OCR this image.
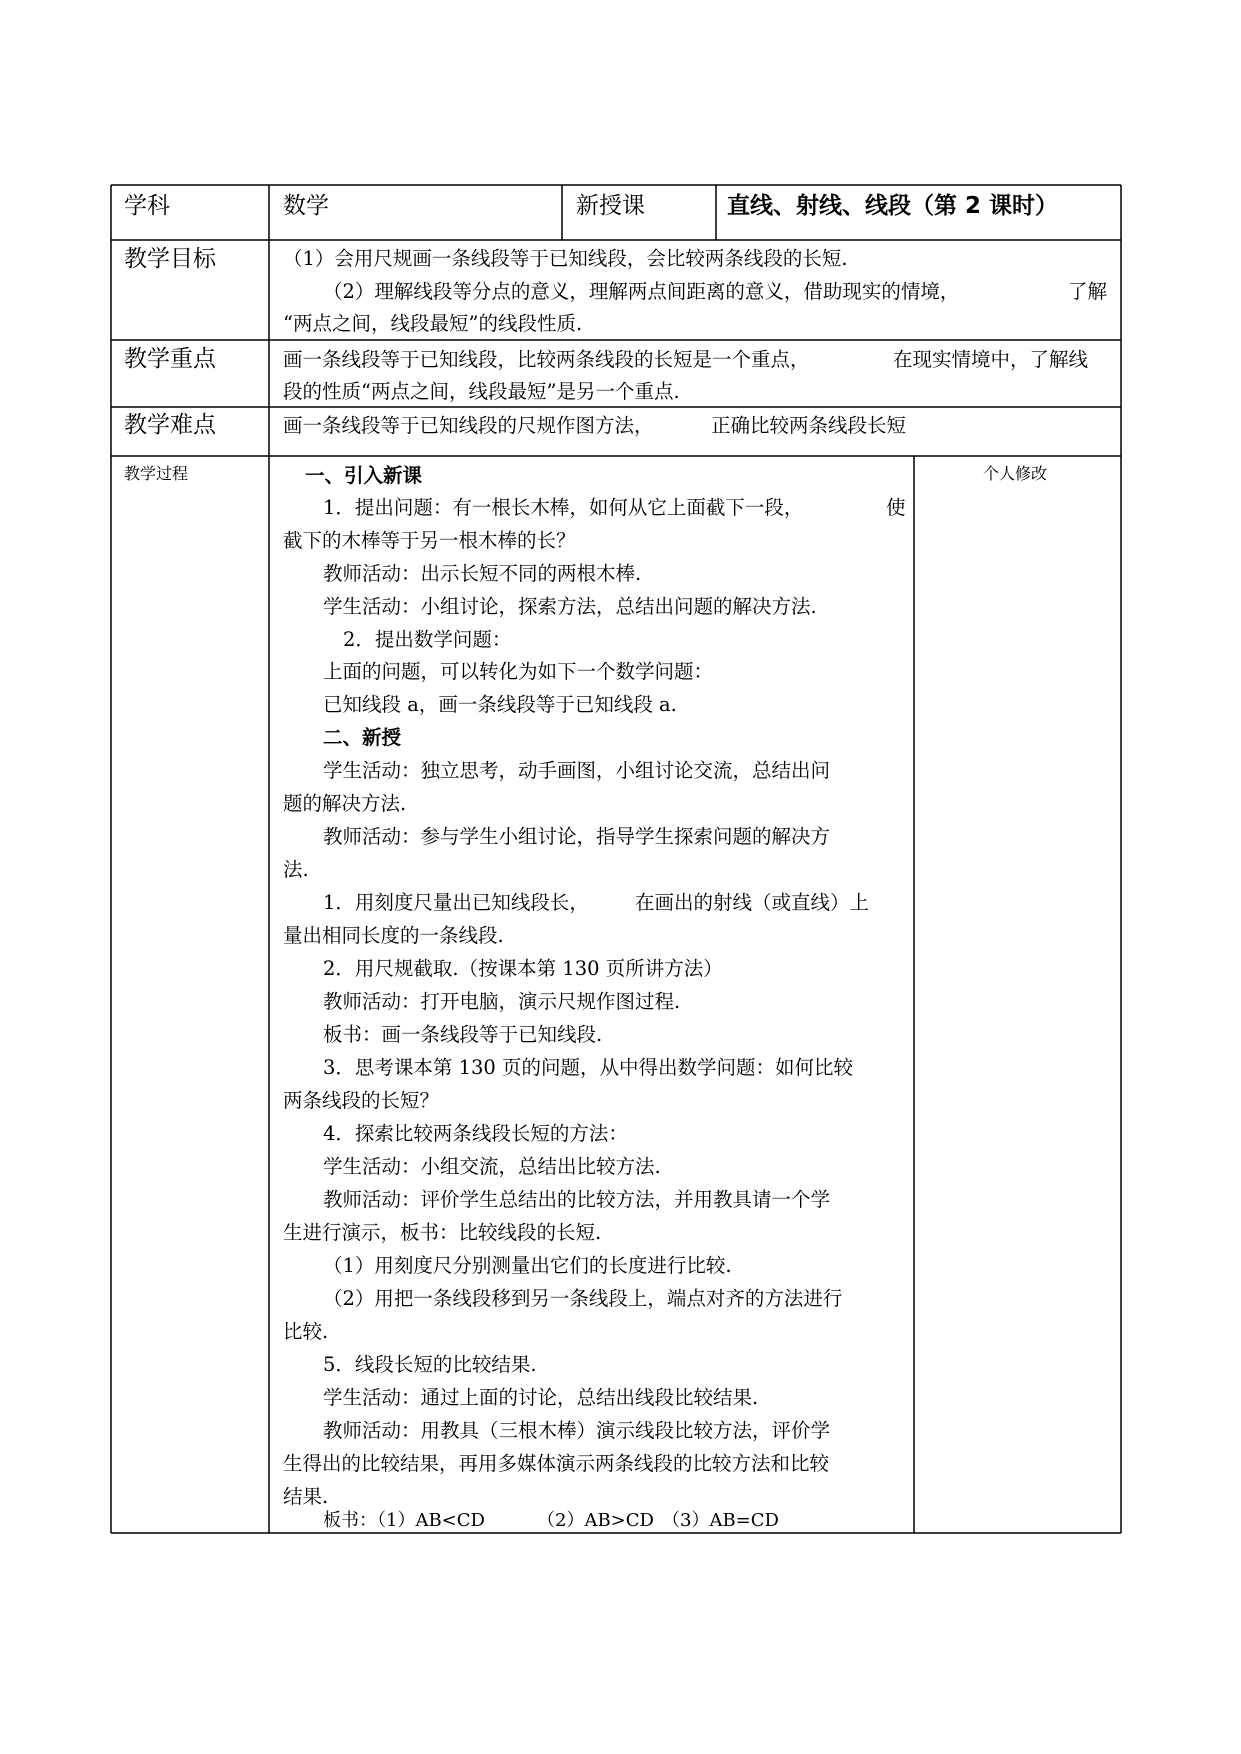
学科	数学	新授课	直线、射线、线段（第 2 课时）
教学目标	（1）会用尺规画一条线段等于已知线段，会比较两条线段的长短.
（2）理解线段等分点的意义，理解两点间距离的意义，借助现实的情境，	了解
“两点之间，线段最短”的线段性质.
教学重点	画一条线段等于已知线段，比较两条线段的长短是一个重点，	在现实情境中，了解线
段的性质“两点之间，线段最短”是另一个重点.
教学难点	画一条线段等于已知线段的尺规作图方法，	正确比较两条线段长短
教学过程	个人修改
一、引入新课
1．提出问题：有一根长木棒，如何从它上面截下一段，	使
截下的木棒等于另一根木棒的长？
教师活动：出示长短不同的两根木棒.
学生活动：小组讨论，探索方法，总结出问题的解决方法.
2．提出数学问题：
上面的问题，可以转化为如下一个数学问题：
已知线段 a，画一条线段等于已知线段 a.
二、新授
学生活动：独立思考，动手画图，小组讨论交流，总结出问
题的解决方法.
教师活动：参与学生小组讨论，指导学生探索问题的解决方
法.
1．用刻度尺量出已知线段长， 在画出的射线（或直线）上
量出相同长度的一条线段.
2．用尺规截取.（按课本第 130 页所讲方法）
教师活动：打开电脑，演示尺规作图过程.
板书：画一条线段等于已知线段.
3．思考课本第 130 页的问题，从中得出数学问题：如何比较
两条线段的长短？
4．探索比较两条线段长短的方法：
学生活动：小组交流，总结出比较方法.
教师活动：评价学生总结出的比较方法，并用教具请一个学
生进行演示，板书：比较线段的长短.
（1）用刻度尺分别测量出它们的长度进行比较.
（2）用把一条线段移到另一条线段上，端点对齐的方法进行
比较.
5．线段长短的比较结果.
学生活动：通过上面的讨论，总结出线段比较结果.
教师活动：用教具（三根木棒）演示线段比较方法，评价学
生得出的比较结果，再用多媒体演示两条线段的比较方法和比较
结果.
板书：（1）AB<CD	（2）AB>CD （3）AB=CD
